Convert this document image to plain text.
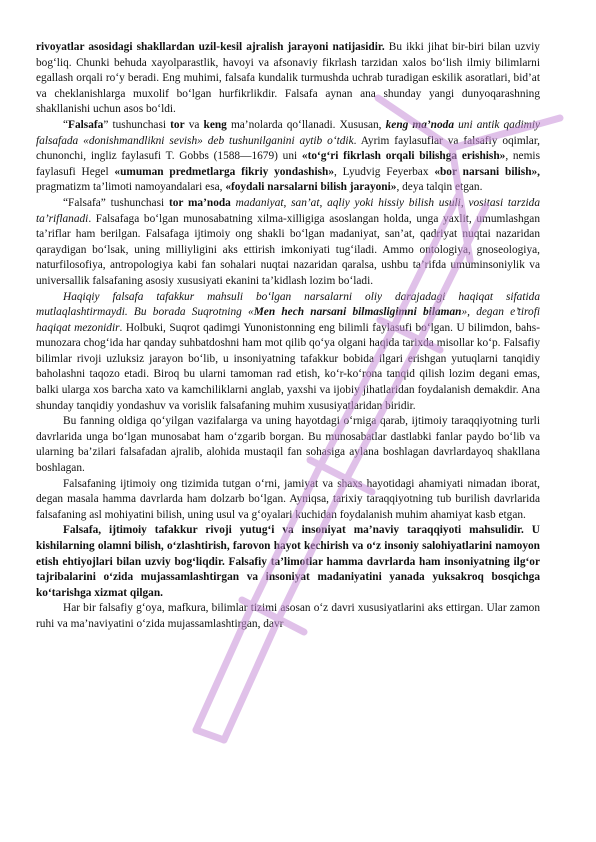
rivoyatlar asosidagi shakllardan uzil-kesil ajralish jarayoni natijasidir. Bu ikki jihat bir-biri bilan uzviy bog‘liq. Chunki behuda xayolparastlik, havoyi va afsonaviy fikrlash tarzidan xalos bo‘lish ilmiy bilimlarni egallash orqali ro‘y beradi. Eng muhimi, falsafa kundalik turmushda uchrab turadigan eskilik asoratlari, bid’at va cheklanishlarga muxolif bo‘lgan hurfikrlikdir. Falsafa aynan ana shunday yangi dunyoqarashning shakllanishi uchun asos bo‘ldi.

“Falsafa” tushunchasi tor va keng ma’nolarda qo‘llanadi. Xususan, keng ma’noda uni antik qadimiy falsafada «donishmandlikni sevish» deb tushunilganini aytib o‘tdik. Ayrim faylasuflar va falsafiy oqimlar, chunonchi, ingliz faylasufi T. Gobbs (1588—1679) uni «to‘g‘ri fikrlash orqali bilishga erishish», nemis faylasufi Hegel «umuman predmetlarga fikriy yondashish», Lyudvig Feyerbax «bor narsani bilish», pragmatizm ta’limoti namoyandalari esa, «foydali narsalarni bilish jarayoni», deya talqin etgan.

“Falsafa” tushunchasi tor ma’noda madaniyat, san’at, aqliy yoki hissiy bilish usuli, vositasi tarzida ta’riflanadi. Falsafaga bo‘lgan munosabatning xilma-xilligiga asoslangan holda, unga yaxlit, umumlashgan ta’riflar ham berilgan. Falsafaga ijtimoiy ong shakli bo‘lgan madaniyat, san’at, qadriyat nuqtai nazaridan qaraydigan bo‘lsak, uning milliyligini aks ettirish imkoniyati tug‘iladi. Ammo ontologiya, gnoseologiya, naturfilosofiya, antropologiya kabi fan sohalari nuqtai nazaridan qaralsa, ushbu ta’rifda umuminsoniylik va universallik falsafaning asosiy xususiyati ekanini ta’kidlash lozim bo‘ladi.

Haqiqiy falsafa tafakkur mahsuli bo‘lgan narsalarni oliy darajadagi haqiqat sifatida mutlaqlashtirmaydi. Bu borada Suqrotning «Men hech narsani bilmasligimni bilaman», degan e’tirofi haqiqat mezonidir. Holbuki, Suqrot qadimgi Yunonistonning eng bilimli faylasufi bo‘lgan. U bilimdon, bahs-munozara chog‘ida har qanday suhbatdoshni ham mot qilib qo‘ya olgani haqida tarixda misollar ko‘p. Falsafiy bilimlar rivoji uzluksiz jarayon bo‘lib, u insoniyatning tafakkur bobida ilgari erishgan yutuqlarni tanqidiy baholashni taqozo etadi. Biroq bu ularni tamoman rad etish, ko‘r-ko‘rona tanqid qilish lozim degani emas, balki ularga xos barcha xato va kamchiliklarni anglab, yaxshi va ijobiy jihatlaridan foydalanish demakdir. Ana shunday tanqidiy yondashuv va vorislik falsafaning muhim xususiyatlaridan biridir.

Bu fanning oldiga qo‘yilgan vazifalarga va uning hayotdagi o‘rniga qarab, ijtimoiy taraqqiyotning turli davrlarida unga bo‘lgan munosabat ham o‘zgarib borgan. Bu munosabatlar dastlabki fanlar paydo bo‘lib va ularning ba’zilari falsafadan ajralib, alohida mustaqil fan sohasiga aylana boshlagan davrlardayoq shakllana boshlagan.

Falsafaning ijtimoiy ong tizimida tutgan o‘rni, jamiyat va shaxs hayotidagi ahamiyati nimadan iborat, degan masala hamma davrlarda ham dolzarb bo‘lgan. Ayniqsa, tarixiy taraqqiyotning tub burilish davrlarida falsafaning asl mohiyatini bilish, uning usul va g‘oyalari kuchidan foydalanish muhim ahamiyat kasb etgan.

Falsafa, ijtimoiy tafakkur rivoji yutug‘i va insoniyat ma’naviy taraqqiyoti mahsulidir. U kishilarning olamni bilish, o‘zlashtirish, farovon hayot kechirish va o‘z insoniy salohiyatlarini namoyon etish ehtiyojlari bilan uzviy bog‘liqdir. Falsafiy ta’limotlar hamma davrlarda ham insoniyatning ilg‘or tajribalarini o‘zida mujassamlashtirgan va insoniyat madaniyatini yanada yuksakroq bosqichga ko‘tarishga xizmat qilgan.

Har bir falsafiy g‘oya, mafkura, bilimlar tizimi asosan o‘z davri xususiyatlarini aks ettirgan. Ular zamon ruhi va ma’naviyatini o‘zida mujassamlashtirgan, davr
